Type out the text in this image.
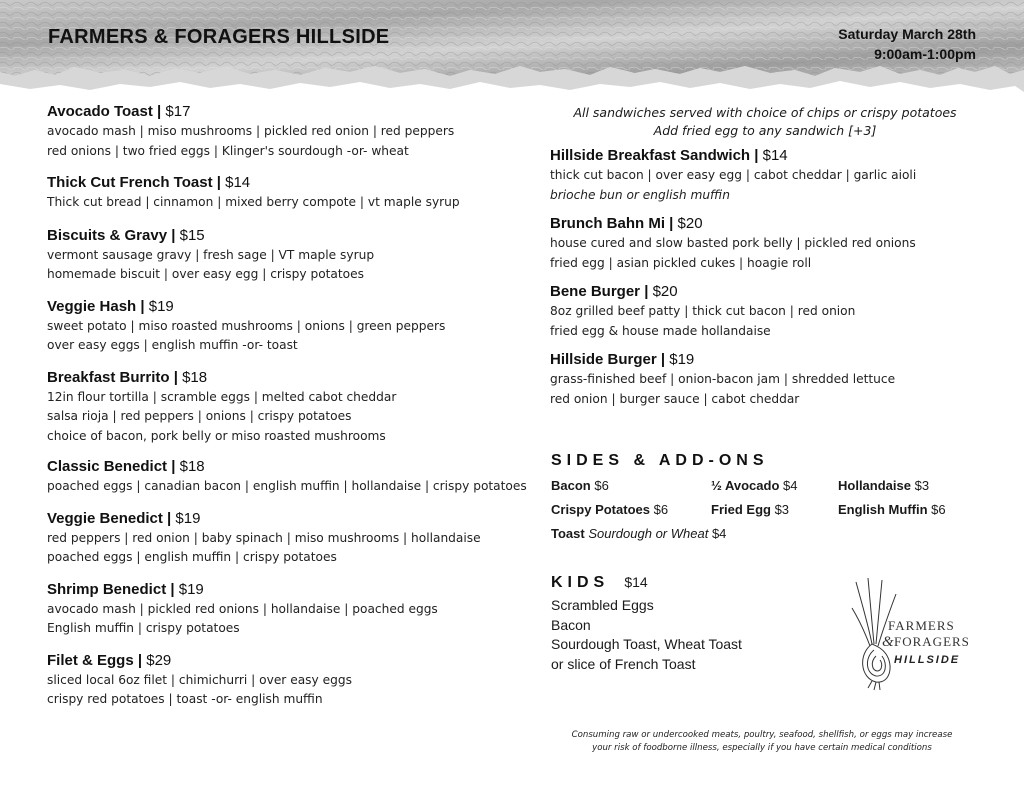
FARMERS & FORAGERS HILLSIDE	Saturday March 28th
9:00am-1:00pm
Avocado Toast | $17
avocado mash | miso mushrooms | pickled red onion | red peppers
red onions | two fried eggs | Klinger's sourdough -or- wheat
Thick Cut French Toast | $14
Thick cut bread | cinnamon | mixed berry compote | vt maple syrup
Biscuits & Gravy | $15
vermont sausage gravy | fresh sage | VT maple syrup
homemade biscuit | over easy egg | crispy potatoes
Veggie Hash | $19
sweet potato | miso roasted mushrooms | onions | green peppers
over easy eggs | english muffin -or- toast
Breakfast Burrito | $18
12in flour tortilla | scramble eggs | melted cabot cheddar
salsa rioja | red peppers | onions | crispy potatoes
choice of bacon, pork belly or miso roasted mushrooms
Classic Benedict | $18
poached eggs | canadian bacon | english muffin | hollandaise | crispy potatoes
Veggie Benedict | $19
red peppers | red onion | baby spinach | miso mushrooms | hollandaise
poached eggs | english muffin | crispy potatoes
Shrimp Benedict | $19
avocado mash | pickled red onions | hollandaise | poached eggs
English muffin | crispy potatoes
Filet & Eggs | $29
sliced local 6oz filet | chimichurri | over easy eggs
crispy red potatoes | toast -or- english muffin
All sandwiches served with choice of chips or crispy potatoes
Add fried egg to any sandwich [+3]
Hillside Breakfast Sandwich | $14
thick cut bacon | over easy egg | cabot cheddar | garlic aioli
brioche bun or english muffin
Brunch Bahn Mi | $20
house cured and slow basted pork belly | pickled red onions
fried egg | asian pickled cukes | hoagie roll
Bene Burger | $20
8oz grilled beef patty | thick cut bacon | red onion
fried egg & house made hollandaise
Hillside Burger | $19
grass-finished beef | onion-bacon jam | shredded lettuce
red onion | burger sauce | cabot cheddar
SIDES & ADD-ONS
Bacon $6	½ Avocado $4	Hollandaise $3
Crispy Potatoes $6	Fried Egg $3	English Muffin $6
Toast Sourdough or Wheat $4
KIDS $14
Scrambled Eggs
Bacon
Sourdough Toast, Wheat Toast
or slice of French Toast
FARMERS
& FORAGERS
HILLSIDE
Consuming raw or undercooked meats, poultry, seafood, shellfish, or eggs may increase
your risk of foodborne illness, especially if you have certain medical conditions
